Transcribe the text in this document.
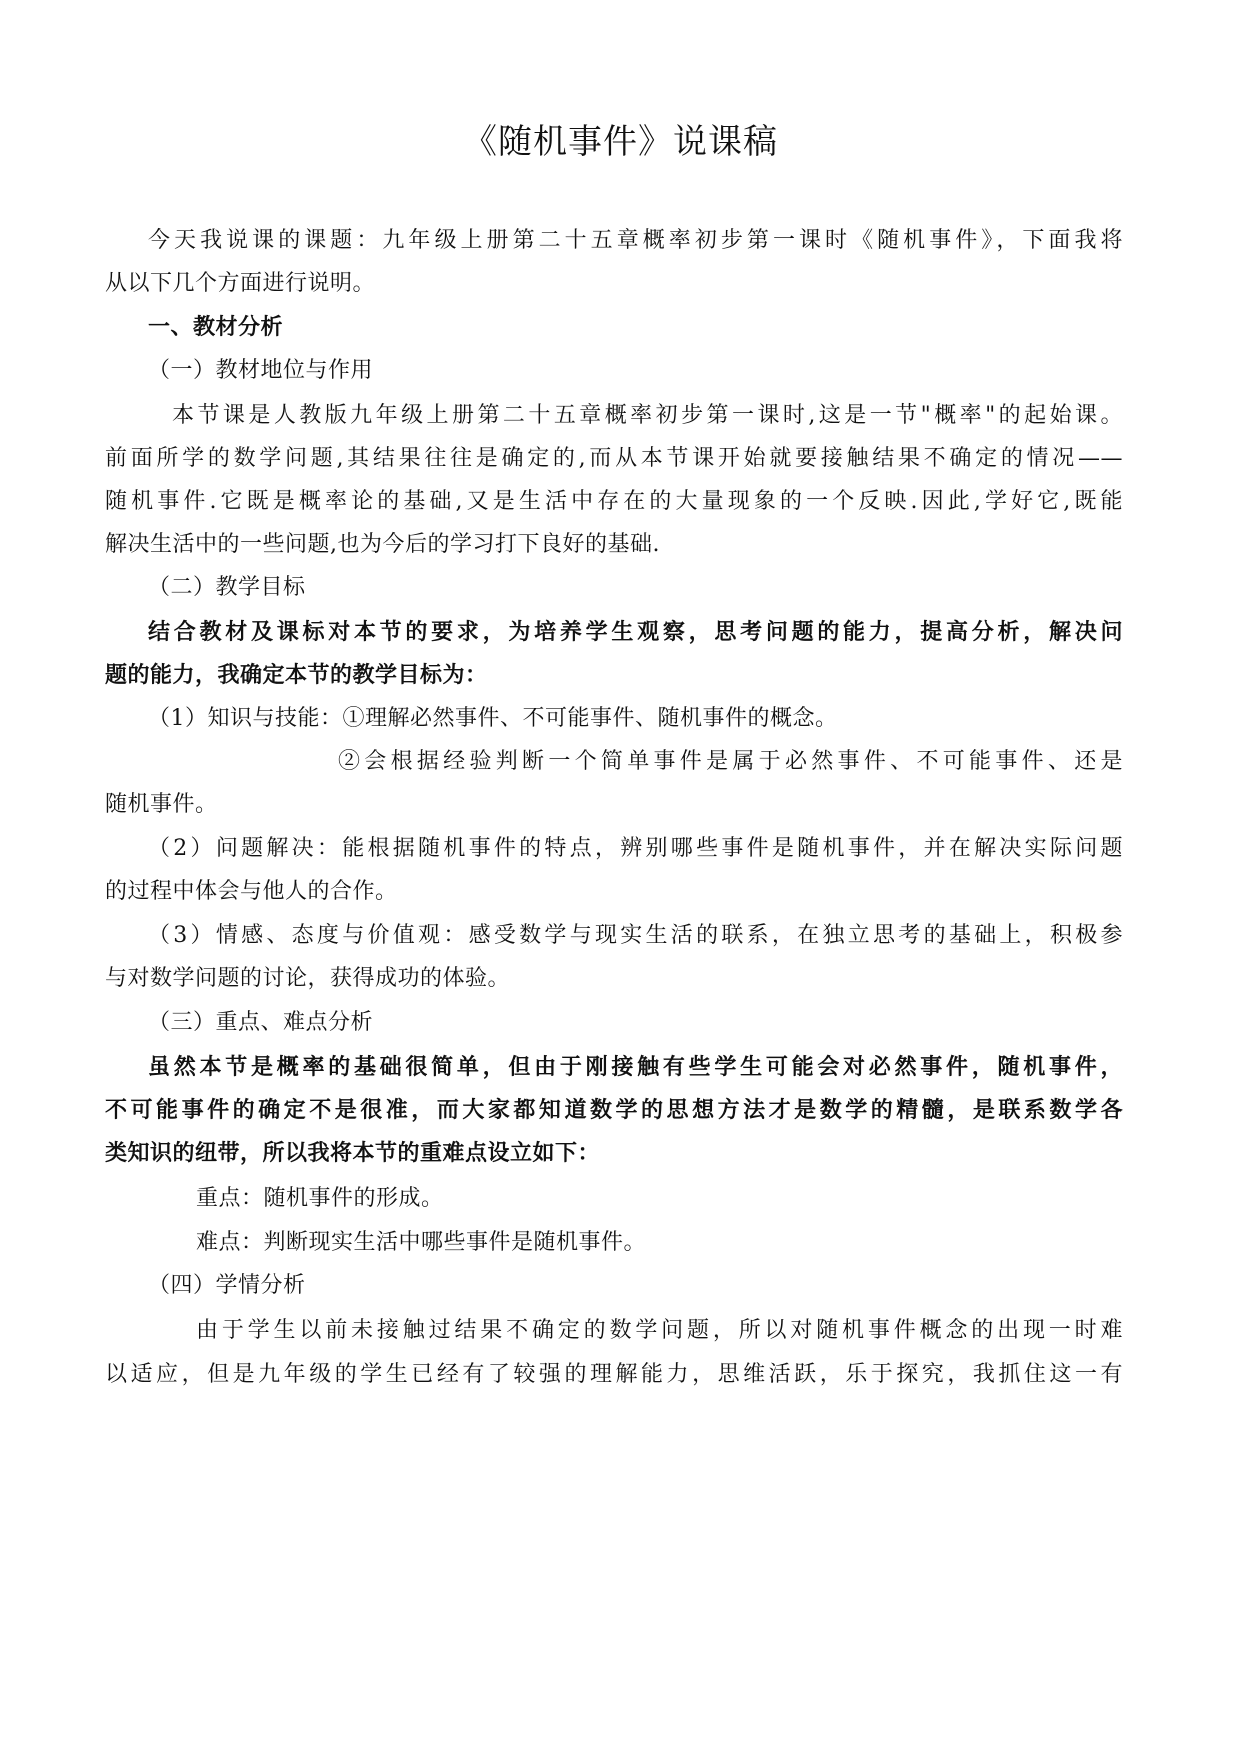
《随机事件》说课稿
今天我说课的课题：九年级上册第二十五章概率初步第一课时《随机事件》，下面我将
从以下几个方面进行说明。
一、教材分析
（一）教材地位与作用
本节课是人教版九年级上册第二十五章概率初步第一课时,这是一节"概率"的起始课。
前面所学的数学问题,其结果往往是确定的,而从本节课开始就要接触结果不确定的情况——
随机事件.它既是概率论的基础,又是生活中存在的大量现象的一个反映.因此,学好它,既能
解决生活中的一些问题,也为今后的学习打下良好的基础.
（二）教学目标
结合教材及课标对本节的要求，为培养学生观察，思考问题的能力，提高分析，解决问
题的能力，我确定本节的教学目标为：
（1）知识与技能：①理解必然事件、不可能事件、随机事件的概念。
②会根据经验判断一个简单事件是属于必然事件、不可能事件、还是
随机事件。
（2）问题解决：能根据随机事件的特点，辨别哪些事件是随机事件，并在解决实际问题
的过程中体会与他人的合作。
（3）情感、态度与价值观：感受数学与现实生活的联系，在独立思考的基础上，积极参
与对数学问题的讨论，获得成功的体验。
（三）重点、难点分析
虽然本节是概率的基础很简单，但由于刚接触有些学生可能会对必然事件，随机事件，
不可能事件的确定不是很准，而大家都知道数学的思想方法才是数学的精髓，是联系数学各
类知识的纽带，所以我将本节的重难点设立如下：
重点：随机事件的形成。
难点：判断现实生活中哪些事件是随机事件。
（四）学情分析
由于学生以前未接触过结果不确定的数学问题，所以对随机事件概念的出现一时难
以适应，但是九年级的学生已经有了较强的理解能力，思维活跃，乐于探究，我抓住这一有
